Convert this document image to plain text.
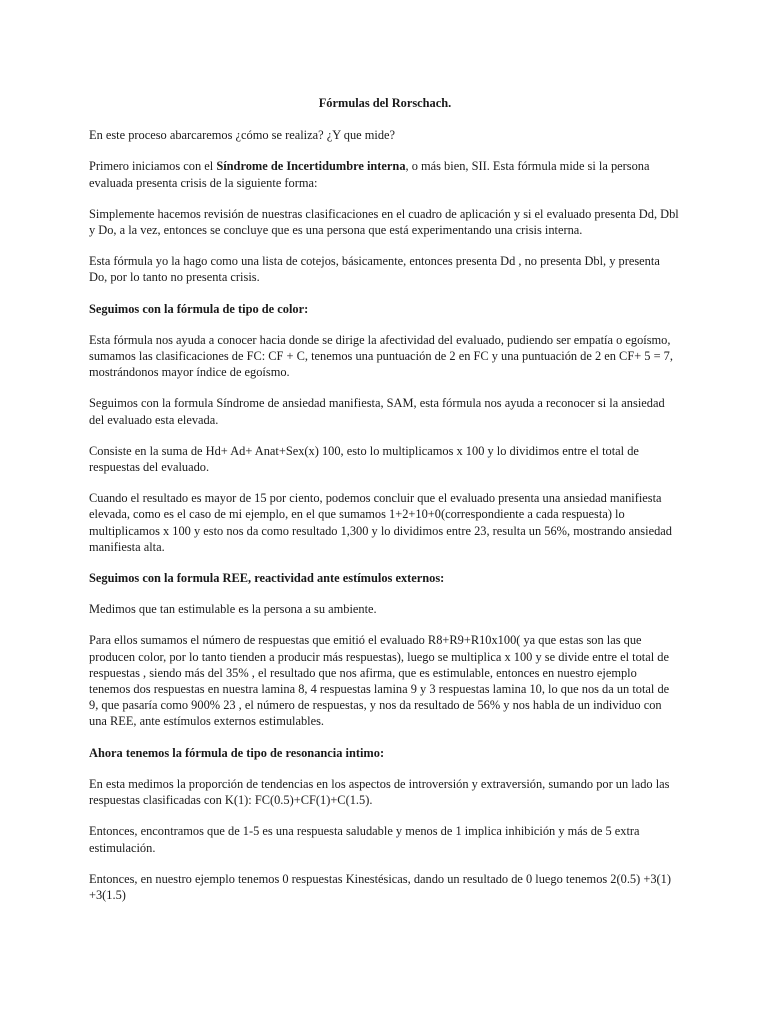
Fórmulas del Rorschach.

En este proceso abarcaremos ¿cómo se realiza? ¿Y que mide?

Primero iniciamos con el Síndrome de Incertidumbre interna, o más bien, SII. Esta fórmula mide si la persona evaluada presenta crisis de la siguiente forma:

Simplemente hacemos revisión de nuestras clasificaciones en el cuadro de aplicación y si el evaluado presenta Dd, Dbl y Do, a la vez, entonces se concluye que es una persona que está experimentando una crisis interna.

Esta fórmula yo la hago como una lista de cotejos, básicamente, entonces presenta Dd , no presenta Dbl, y presenta Do, por lo tanto no presenta crisis.

Seguimos con la fórmula de tipo de color:

Esta fórmula nos ayuda a conocer hacia donde se dirige la afectividad del evaluado, pudiendo ser empatía o egoísmo, sumamos las clasificaciones de FC: CF + C, tenemos una puntuación de 2 en FC y una puntuación de 2 en CF+ 5 = 7, mostrándonos mayor índice de egoísmo.

Seguimos con la formula Síndrome de ansiedad manifiesta, SAM, esta fórmula nos ayuda a reconocer si la ansiedad del evaluado esta elevada.

Consiste en la suma de Hd+ Ad+ Anat+Sex(x) 100, esto lo multiplicamos x 100 y lo dividimos entre el total de respuestas del evaluado.

Cuando el resultado es mayor de 15 por ciento, podemos concluir que el evaluado presenta una ansiedad manifiesta elevada, como es el caso de mi ejemplo, en el que sumamos 1+2+10+0(correspondiente a cada respuesta) lo multiplicamos x 100 y esto nos da como resultado 1,300 y lo dividimos entre 23, resulta un 56%, mostrando ansiedad manifiesta alta.

Seguimos con la formula REE, reactividad ante estímulos externos:

Medimos que tan estimulable es la persona a su ambiente.

Para ellos sumamos el número de respuestas que emitió el evaluado R8+R9+R10x100( ya que estas son las que producen color, por lo tanto tienden a producir más respuestas), luego se multiplica x 100 y se divide entre el total de respuestas , siendo más del 35% , el resultado que nos afirma, que es estimulable, entonces en nuestro ejemplo tenemos dos respuestas en nuestra lamina 8, 4 respuestas lamina 9 y 3 respuestas lamina 10, lo que nos da un total de 9, que pasaría como 900% 23 , el número de respuestas, y nos da resultado de 56% y nos habla de un individuo con una REE, ante estímulos externos estimulables.

Ahora tenemos la fórmula de tipo de resonancia intimo:

En esta medimos la proporción de tendencias en los aspectos de introversión y extraversión, sumando por un lado las respuestas clasificadas con K(1): FC(0.5)+CF(1)+C(1.5).

Entonces, encontramos que de 1-5 es una respuesta saludable y menos de 1 implica inhibición y más de 5 extra estimulación.

Entonces, en nuestro ejemplo tenemos 0 respuestas Kinestésicas, dando un resultado de 0 luego tenemos 2(0.5) +3(1) +3(1.5)
